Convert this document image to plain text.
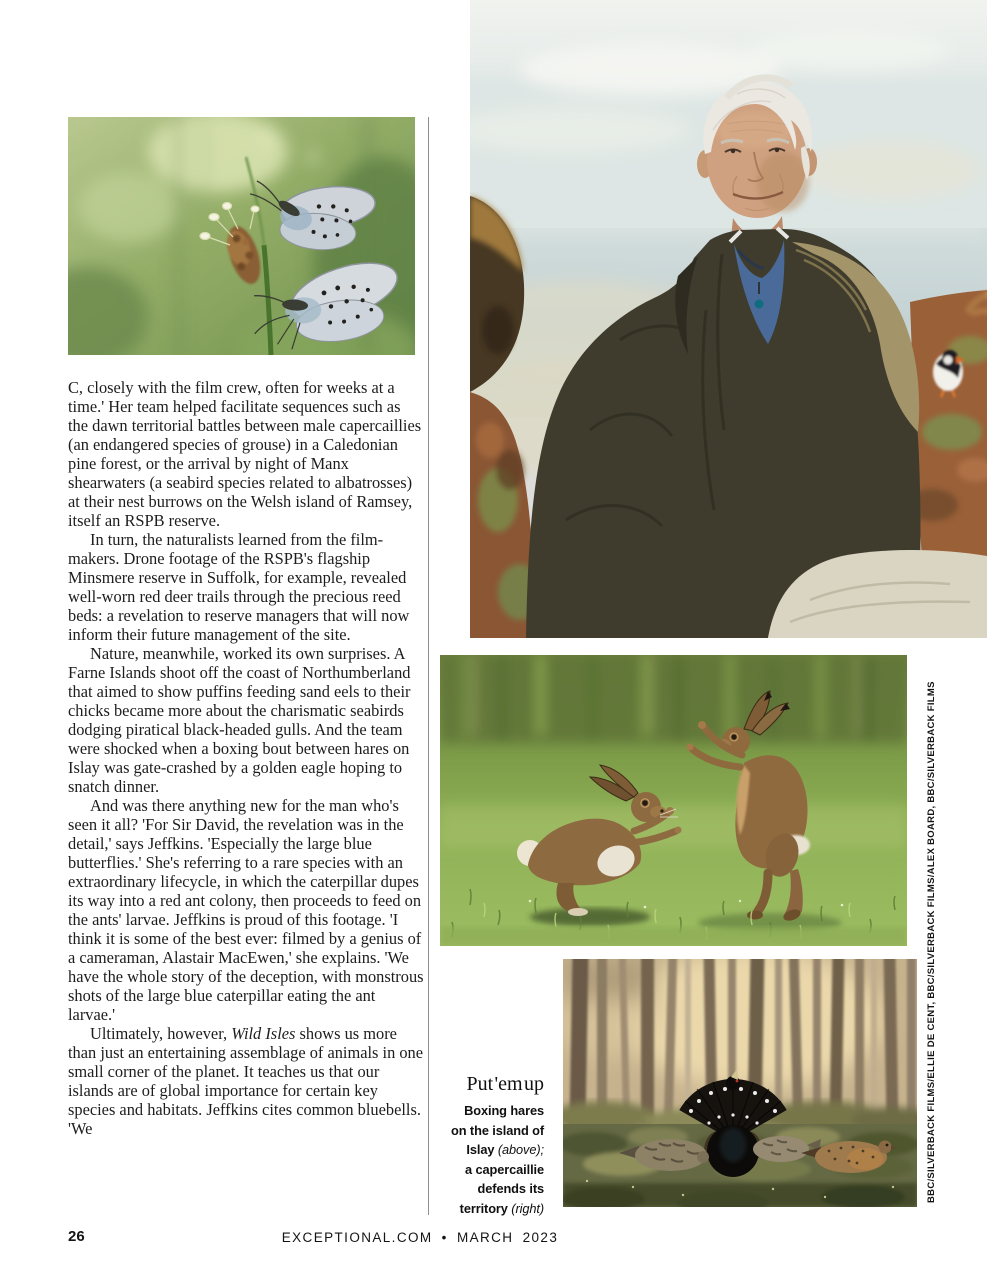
C, closely with the film crew, often for weeks at a time.' Her team helped facilitate sequences such as the dawn territorial battles between male capercaillies (an endangered species of grouse) in a Caledonian pine forest, or the arrival by night of Manx shearwaters (a seabird species related to albatrosses) at their nest burrows on the Welsh island of Ramsey, itself an RSPB reserve.

In turn, the naturalists learned from the film-makers. Drone footage of the RSPB's flagship Minsmere reserve in Suffolk, for example, revealed well-worn red deer trails through the precious reed beds: a revelation to reserve managers that will now inform their future management of the site.

Nature, meanwhile, worked its own surprises. A Farne Islands shoot off the coast of Northumberland that aimed to show puffins feeding sand eels to their chicks became more about the charismatic seabirds dodging piratical black-headed gulls. And the team were shocked when a boxing bout between hares on Islay was gate-crashed by a golden eagle hoping to snatch dinner.

And was there anything new for the man who's seen it all? 'For Sir David, the revelation was in the detail,' says Jeffkins. 'Especially the large blue butterflies.' She's referring to a rare species with an extraordinary lifecycle, in which the caterpillar dupes its way into a red ant colony, then proceeds to feed on the ants' larvae. Jeffkins is proud of this footage. 'I think it is some of the best ever: filmed by a genius of a cameraman, Alastair MacEwen,' she explains. 'We have the whole story of the deception, with monstrous shots of the large blue caterpillar eating the ant larvae.'

Ultimately, however, Wild Isles shows us more than just an entertaining assemblage of animals in one small corner of the planet. It teaches us that our islands are of global importance for certain key species and habitats. Jeffkins cites common bluebells. 'We

Put 'em up
Boxing hares
on the island of
Islay (above);
a capercaillie
defends its
territory (right)
BBC/SILVERBACK FILMS/ELLIE DE CENT, BBC/SILVERBACK FILMS/ALEX BOARD, BBC/SILVERBACK FILMS
26	EXCEPTIONAL.COM • MARCH 2023
